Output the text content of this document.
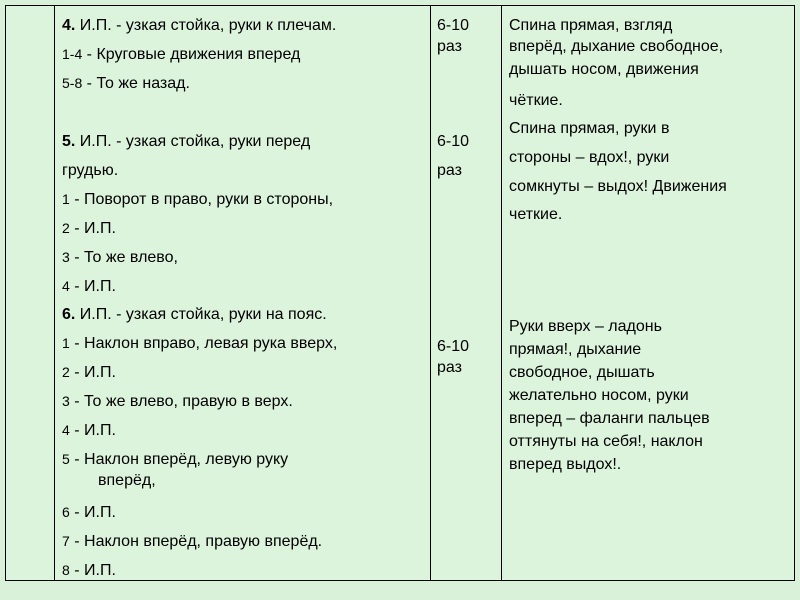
4. И.П. - узкая стойка, руки к плечам.
1-4 - Круговые движения вперед
5-8 - То же назад.
5. И.П. - узкая стойка, руки перед
грудью.
1 - Поворот в право, руки в стороны,
2 - И.П.
3 - То же влево,
4 - И.П.
6. И.П. - узкая стойка, руки на пояс.
1 - Наклон вправо, левая рука вверх,
2 - И.П.
3 - То же влево, правую в верх.
4 - И.П.
5 - Наклон вперёд, левую руку
вперёд,
6 - И.П.
7 - Наклон вперёд, правую вперёд.
8 - И.П.
6-10
раз
6-10
раз
6-10
раз
Спина прямая, взгляд
вперёд, дыхание свободное,
дышать носом, движения
чёткие.
Спина прямая, руки в
стороны – вдох!, руки
сомкнуты – выдох! Движения
четкие.
Руки вверх – ладонь
прямая!, дыхание
свободное, дышать
желательно носом, руки
вперед – фаланги пальцев
оттянуты на себя!, наклон
вперед выдох!.
